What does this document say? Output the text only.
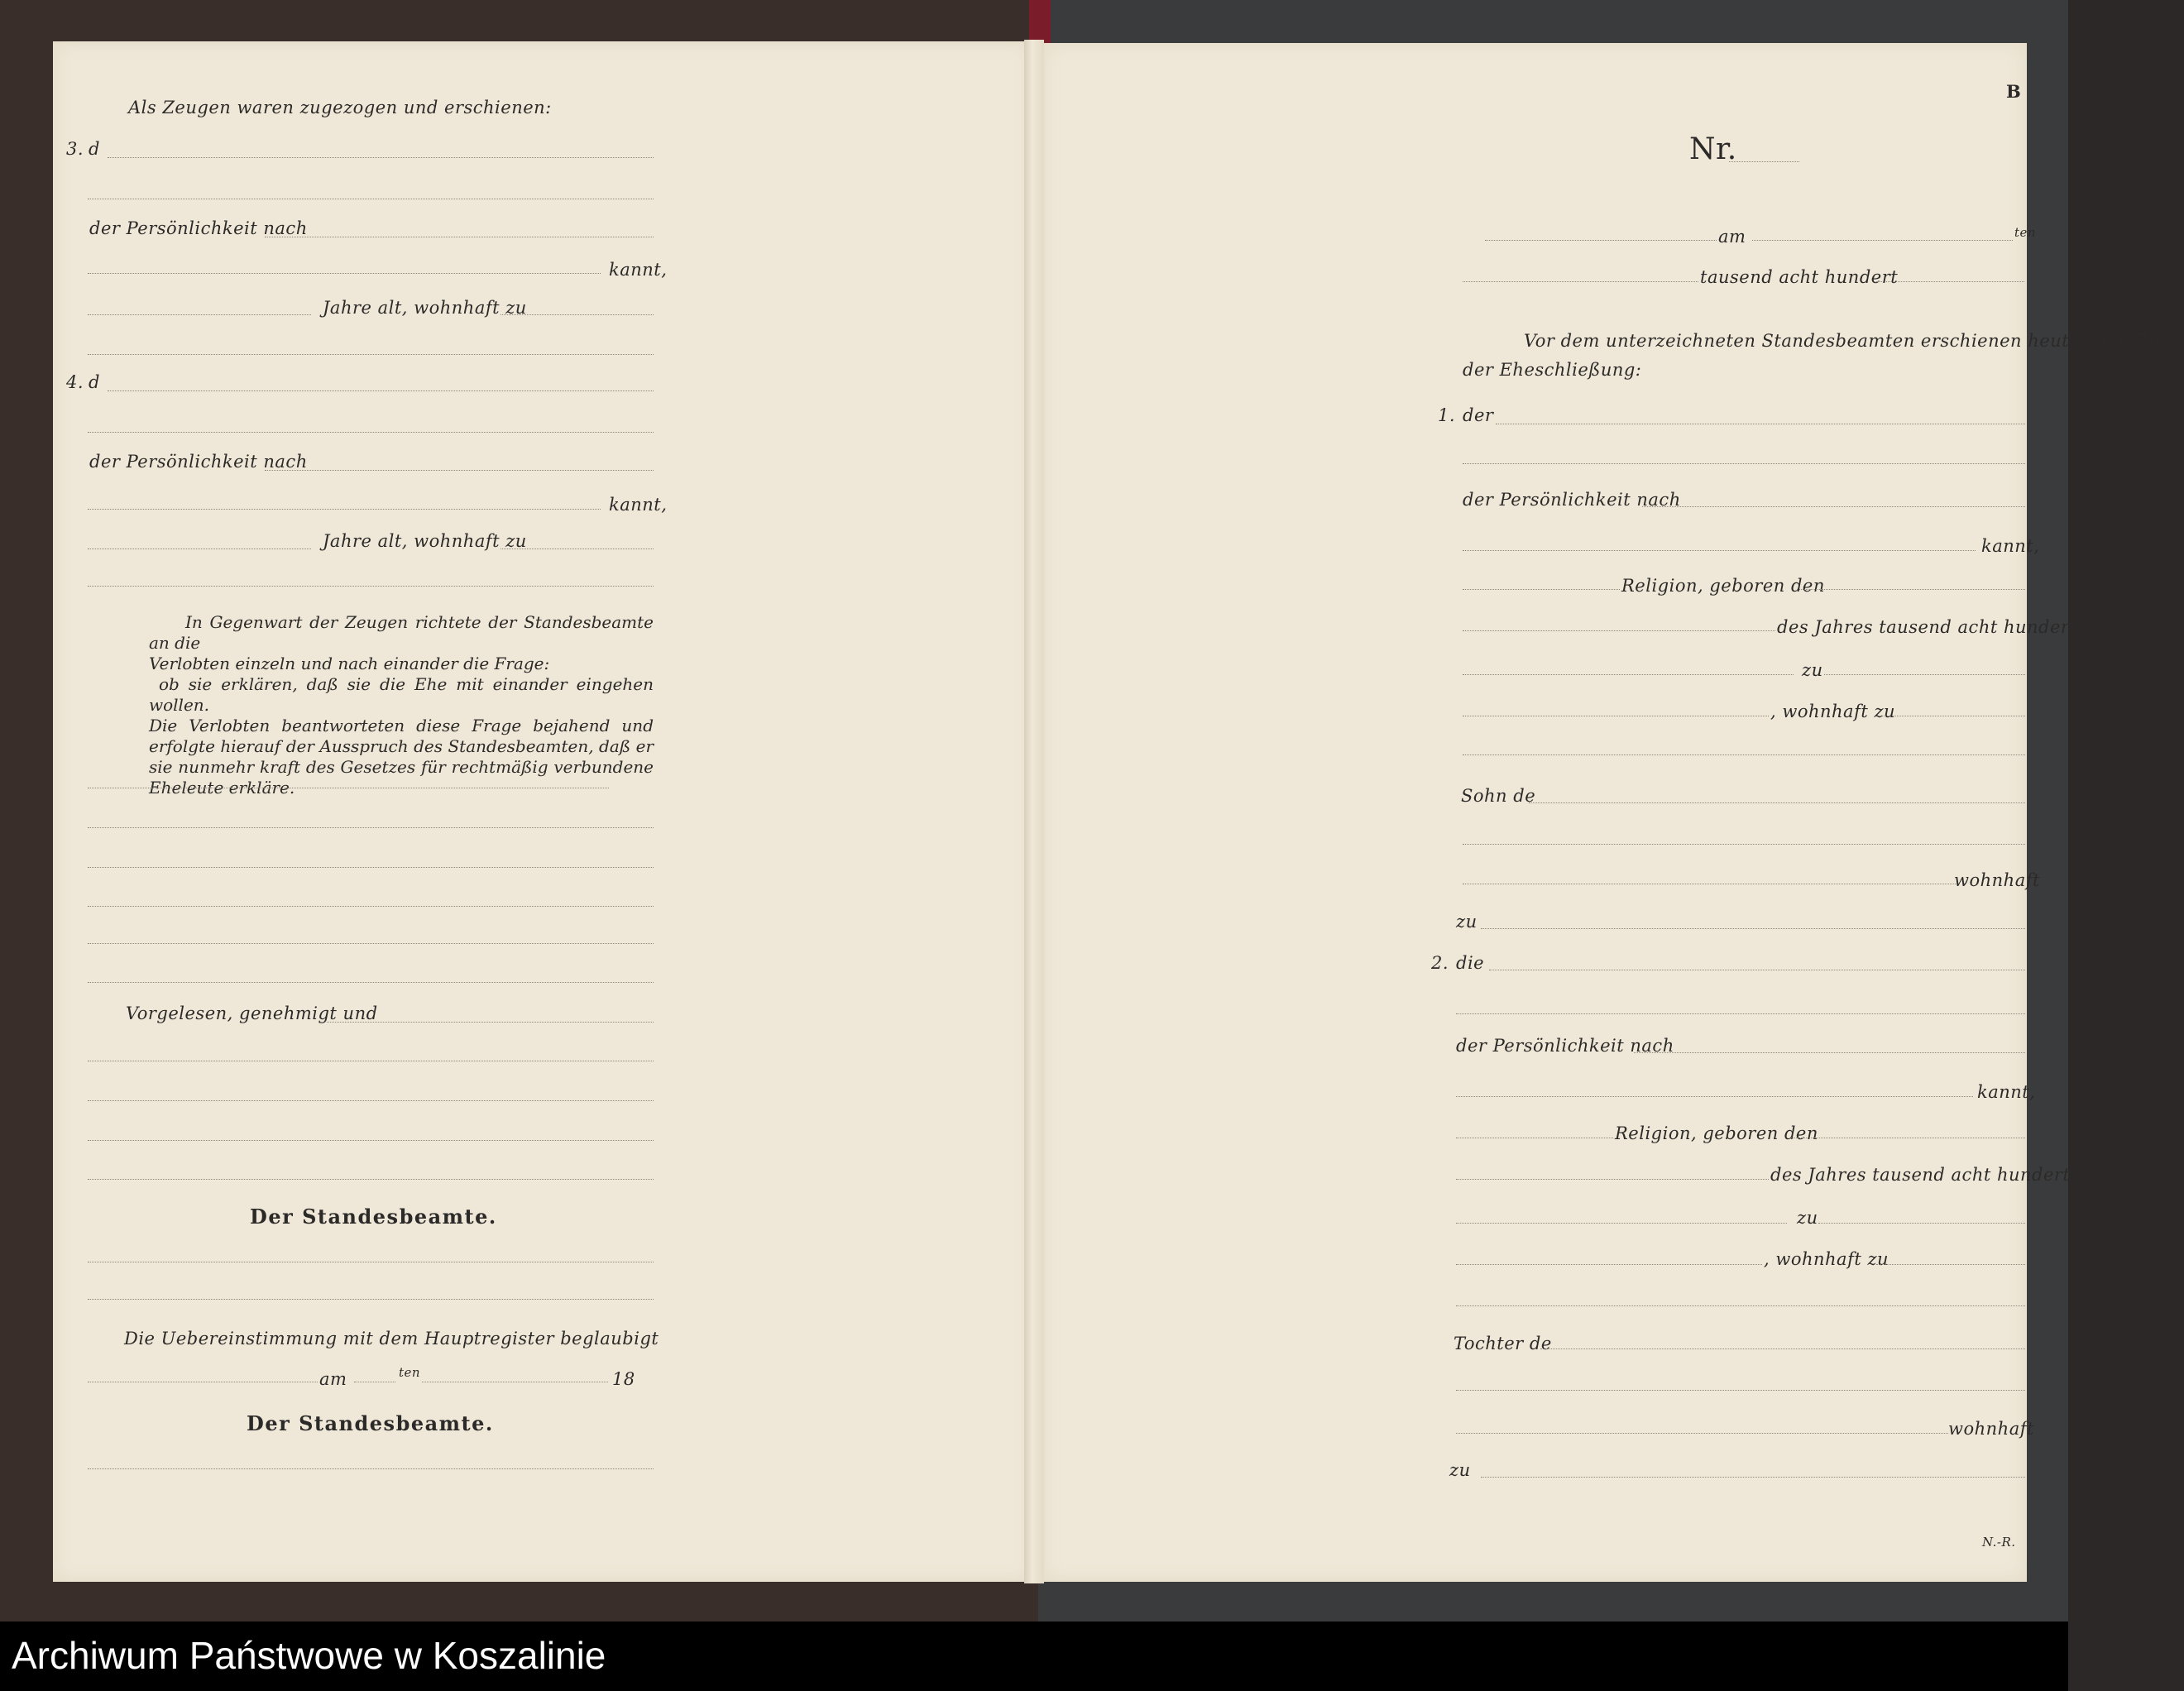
Als Zeugen waren zugezogen und erschienen:
3. d
der Persönlichkeit nach
kannt,
Jahre alt, wohnhaft zu
4. d
der Persönlichkeit nach
kannt,
Jahre alt, wohnhaft zu

In Gegenwart der Zeugen richtete der Standesbeamte an die

Verlobten einzeln und nach einander die Frage:

ob sie erklären, daß sie die Ehe mit einander eingehen wollen.

Die Verlobten beantworteten diese Frage bejahend und erfolgte hierauf der Ausspruch des Standesbeamten, daß er sie nunmehr kraft des Gesetzes für rechtmäßig verbundene Eheleute erkläre.

Vorgelesen, genehmigt und
Der Standesbeamte.
Die Uebereinstimmung mit dem Hauptregister beglaubigt
am	ten	18
Der Standesbeamte.
B
Nr.
am	ten
tausend acht hundert
Vor dem unterzeichneten Standesbeamten erschienen heute, zum Zwec
der Eheschließung:
1. der
der Persönlichkeit nach
kannt,
Religion, geboren den
des Jahres tausend acht hundert
zu
, wohnhaft zu
Sohn de
wohnhaft
zu
2. die
der Persönlichkeit nach
kannt,
Religion, geboren den
des Jahres tausend acht hundert
zu
, wohnhaft zu
Tochter de
wohnhaft
zu
N.-R.
Archiwum Państwowe w Koszalinie
